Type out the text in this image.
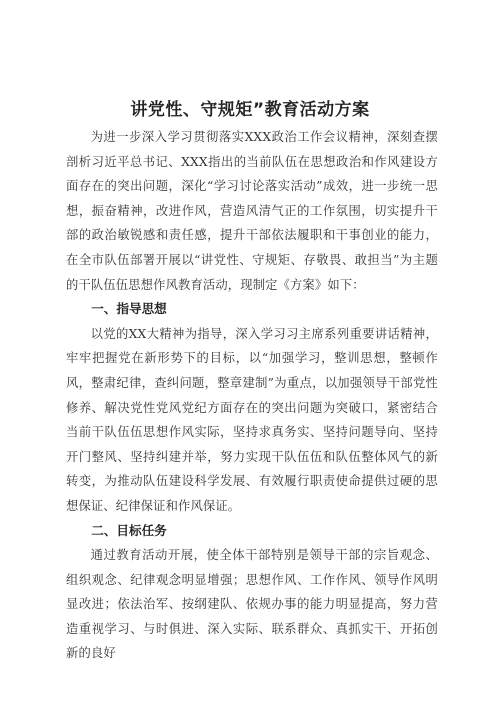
讲党性、守规矩”教育活动方案

为进一步深入学习贯彻落实XXX政治工作会议精神，深刻查摆剖析习近平总书记、XXX指出的当前队伍在思想政治和作风建设方面存在的突出问题，深化“学习讨论落实活动”成效，进一步统一思想，振奋精神，改进作风，营造风清气正的工作氛围，切实提升干部的政治敏锐感和责任感，提升干部依法履职和干事创业的能力，在全市队伍部署开展以“讲党性、守规矩、存敬畏、敢担当”为主题的干队伍伍思想作风教育活动，现制定《方案》如下：

一、指导思想

以党的XX大精神为指导，深入学习习主席系列重要讲话精神，牢牢把握党在新形势下的目标，以“加强学习，整训思想，整顿作风，整肃纪律，查纠问题，整章建制”为重点，以加强领导干部党性修养、解决党性党风党纪方面存在的突出问题为突破口，紧密结合当前干队伍伍思想作风实际，坚持求真务实、坚持问题导向、坚持开门整风、坚持纠建并举，努力实现干队伍伍和队伍整体风气的新转变，为推动队伍建设科学发展、有效履行职责使命提供过硬的思想保证、纪律保证和作风保证。

二、目标任务

通过教育活动开展，使全体干部特别是领导干部的宗旨观念、组织观念、纪律观念明显增强；思想作风、工作作风、领导作风明显改进；依法治军、按纲建队、依规办事的能力明显提高，努力营造重视学习、与时俱进、深入实际、联系群众、真抓实干、开拓创新的良好
